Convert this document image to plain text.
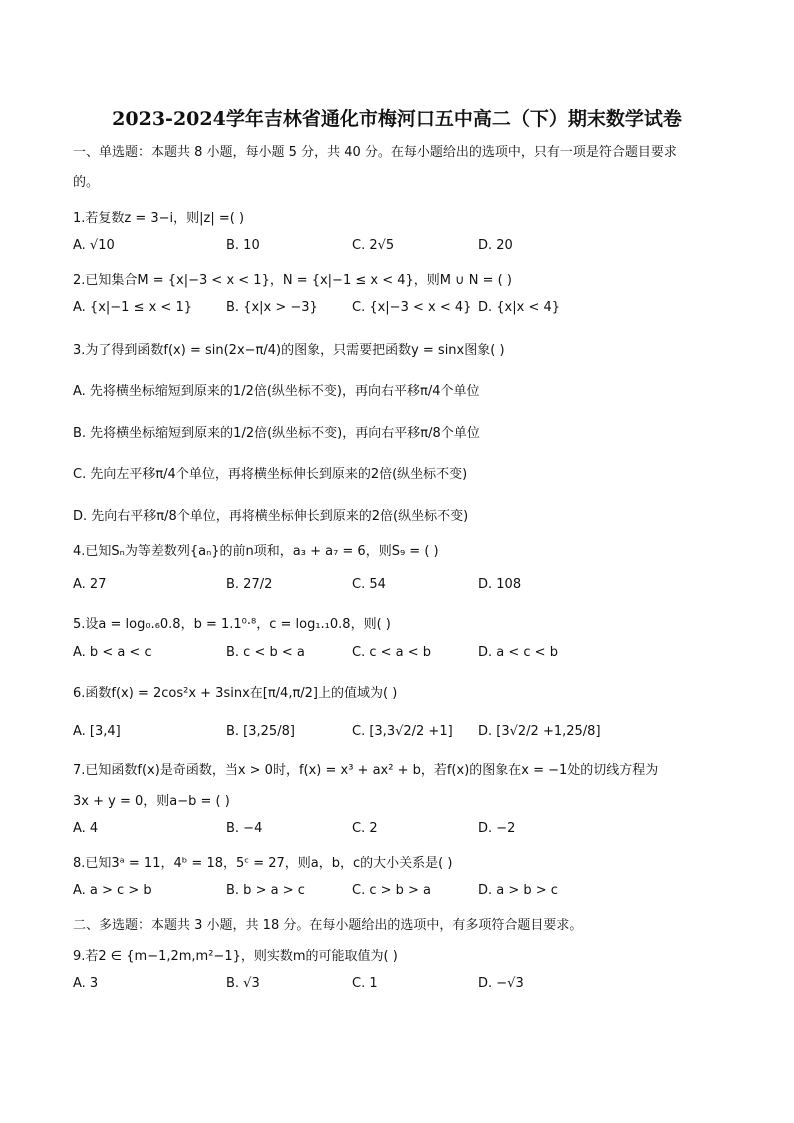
2023-2024学年吉林省通化市梅河口五中高二（下）期末数学试卷
一、单选题：本题共 8 小题，每小题 5 分，共 40 分。在每小题给出的选项中，只有一项是符合题目要求
的。
1.若复数z = 3−i，则|z| =( )
A. √10	B. 10	C. 2√5	D. 20
2.已知集合M = {x|−3 < x < 1}，N = {x|−1 ≤ x < 4}，则M ∪ N = ( )
A. {x|−1 ≤ x < 1}	B. {x|x > −3}	C. {x|−3 < x < 4} D. {x|x < 4}
3.为了得到函数f(x) = sin(2x−π/4)的图象，只需要把函数y = sinx图象( )
A. 先将横坐标缩短到原来的1/2倍(纵坐标不变)，再向右平移π/4个单位
B. 先将横坐标缩短到原来的1/2倍(纵坐标不变)，再向右平移π/8个单位
C. 先向左平移π/4个单位，再将横坐标伸长到原来的2倍(纵坐标不变)
D. 先向右平移π/8个单位，再将横坐标伸长到原来的2倍(纵坐标不变)
4.已知Sₙ为等差数列{aₙ}的前n项和，a₃ + a₇ = 6，则S₉ = ( )
A. 27	B. 27/2	C. 54	D. 108
5.设a = log₀.₆0.8，b = 1.1⁰·⁸，c = log₁.₁0.8，则( )
A. b < a < c	B. c < b < a	C. c < a < b	D. a < c < b
6.函数f(x) = 2cos²x + 3sinx在[π/4,π/2]上的值域为( )
A. [3,4]	B. [3,25/8]	C. [3,3√2/2 +1] D. [3√2/2 +1,25/8]
7.已知函数f(x)是奇函数，当x > 0时，f(x) = x³ + ax² + b，若f(x)的图象在x = −1处的切线方程为
3x + y = 0，则a−b = ( )
A. 4	B. −4	C. 2	D. −2
8.已知3ᵃ = 11，4ᵇ = 18，5ᶜ = 27，则a，b，c的大小关系是( )
A. a > c > b	B. b > a > c	C. c > b > a	D. a > b > c
二、多选题：本题共 3 小题，共 18 分。在每小题给出的选项中，有多项符合题目要求。
9.若2 ∈ {m−1,2m,m²−1}，则实数m的可能取值为( )
A. 3	B. √3	C. 1	D. −√3
